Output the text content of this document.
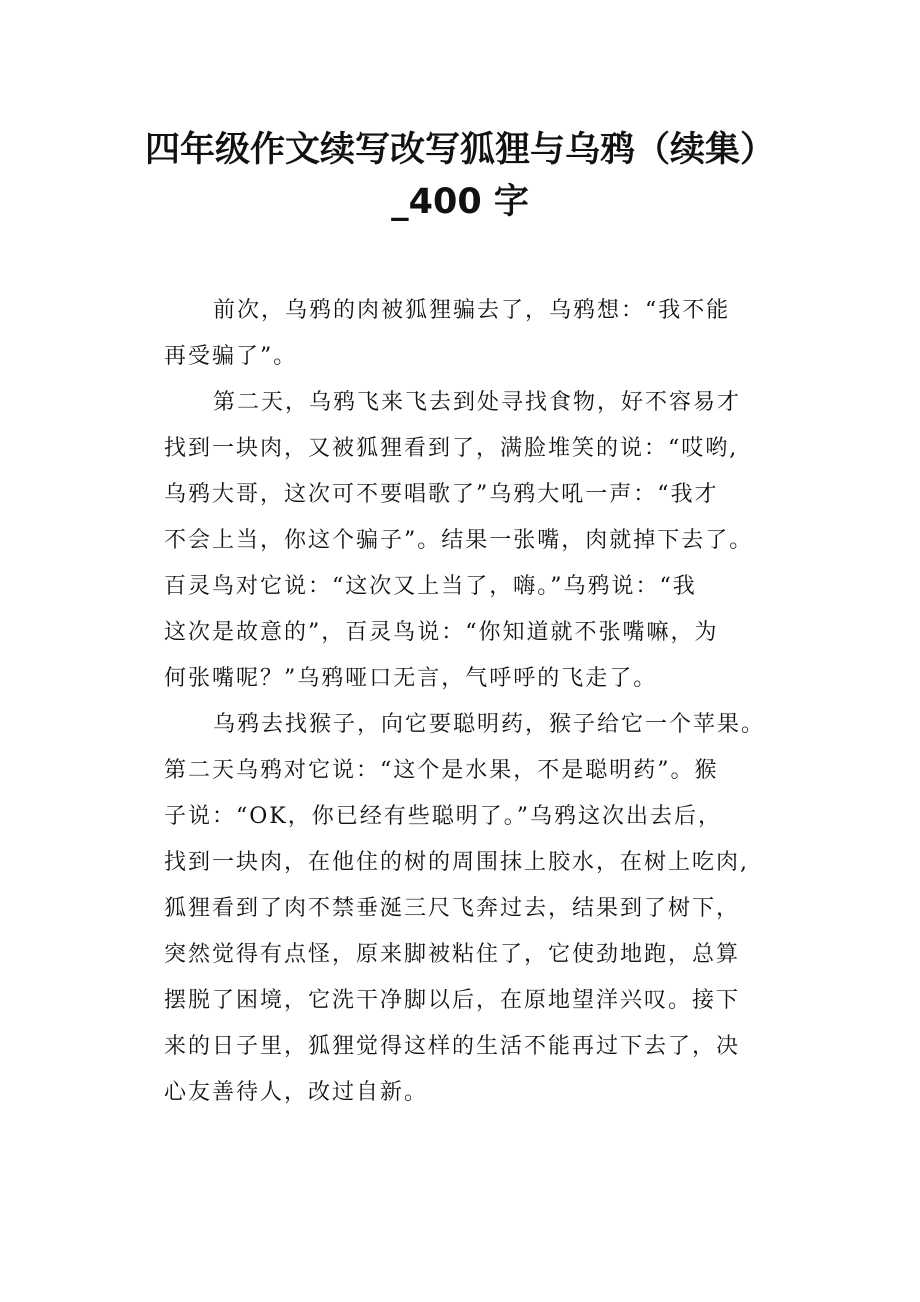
四年级作文续写改写狐狸与乌鸦（续集）
_400 字
前次，乌鸦的肉被狐狸骗去了，乌鸦想：“我不能
再受骗了”。
第二天，乌鸦飞来飞去到处寻找食物，好不容易才
找到一块肉，又被狐狸看到了，满脸堆笑的说：“哎哟,
乌鸦大哥，这次可不要唱歌了”乌鸦大吼一声：“我才
不会上当，你这个骗子”。结果一张嘴，肉就掉下去了。
百灵鸟对它说：“这次又上当了，嗨。”乌鸦说：“我
这次是故意的”，百灵鸟说：“你知道就不张嘴嘛，为
何张嘴呢？”乌鸦哑口无言，气呼呼的飞走了。
乌鸦去找猴子，向它要聪明药，猴子给它一个苹果。
第二天乌鸦对它说：“这个是水果，不是聪明药”。猴
子说：“OK，你已经有些聪明了。”乌鸦这次出去后，
找到一块肉，在他住的树的周围抹上胶水，在树上吃肉,
狐狸看到了肉不禁垂涎三尺飞奔过去，结果到了树下，
突然觉得有点怪，原来脚被粘住了，它使劲地跑，总算
摆脱了困境，它洗干净脚以后，在原地望洋兴叹。接下
来的日子里，狐狸觉得这样的生活不能再过下去了，决
心友善待人，改过自新。
